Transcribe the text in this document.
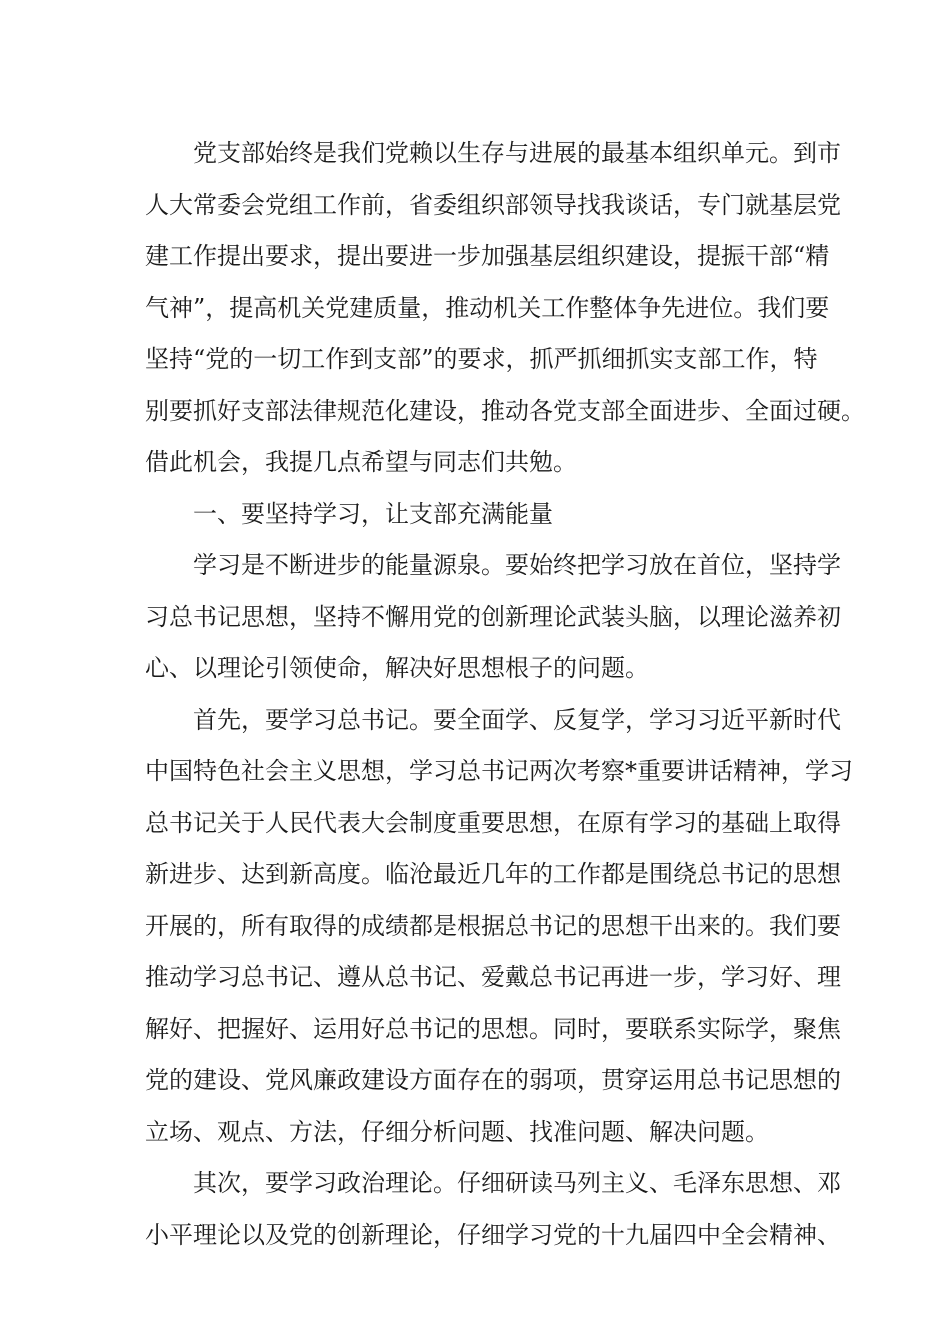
党支部始终是我们党赖以生存与进展的最基本组织单元。到市
人大常委会党组工作前，省委组织部领导找我谈话，专门就基层党
建工作提出要求，提出要进一步加强基层组织建设，提振干部“精
气神”，提高机关党建质量，推动机关工作整体争先进位。我们要
坚持“党的一切工作到支部”的要求，抓严抓细抓实支部工作，特
别要抓好支部法律规范化建设，推动各党支部全面进步、全面过硬。
借此机会，我提几点希望与同志们共勉。
一、要坚持学习，让支部充满能量
学习是不断进步的能量源泉。要始终把学习放在首位，坚持学
习总书记思想，坚持不懈用党的创新理论武装头脑，以理论滋养初
心、以理论引领使命，解决好思想根子的问题。
首先，要学习总书记。要全面学、反复学，学习习近平新时代
中国特色社会主义思想，学习总书记两次考察*重要讲话精神，学习
总书记关于人民代表大会制度重要思想，在原有学习的基础上取得
新进步、达到新高度。临沧最近几年的工作都是围绕总书记的思想
开展的，所有取得的成绩都是根据总书记的思想干出来的。我们要
推动学习总书记、遵从总书记、爱戴总书记再进一步，学习好、理
解好、把握好、运用好总书记的思想。同时，要联系实际学，聚焦
党的建设、党风廉政建设方面存在的弱项，贯穿运用总书记思想的
立场、观点、方法，仔细分析问题、找准问题、解决问题。
其次，要学习政治理论。仔细研读马列主义、毛泽东思想、邓
小平理论以及党的创新理论，仔细学习党的十九届四中全会精神、
